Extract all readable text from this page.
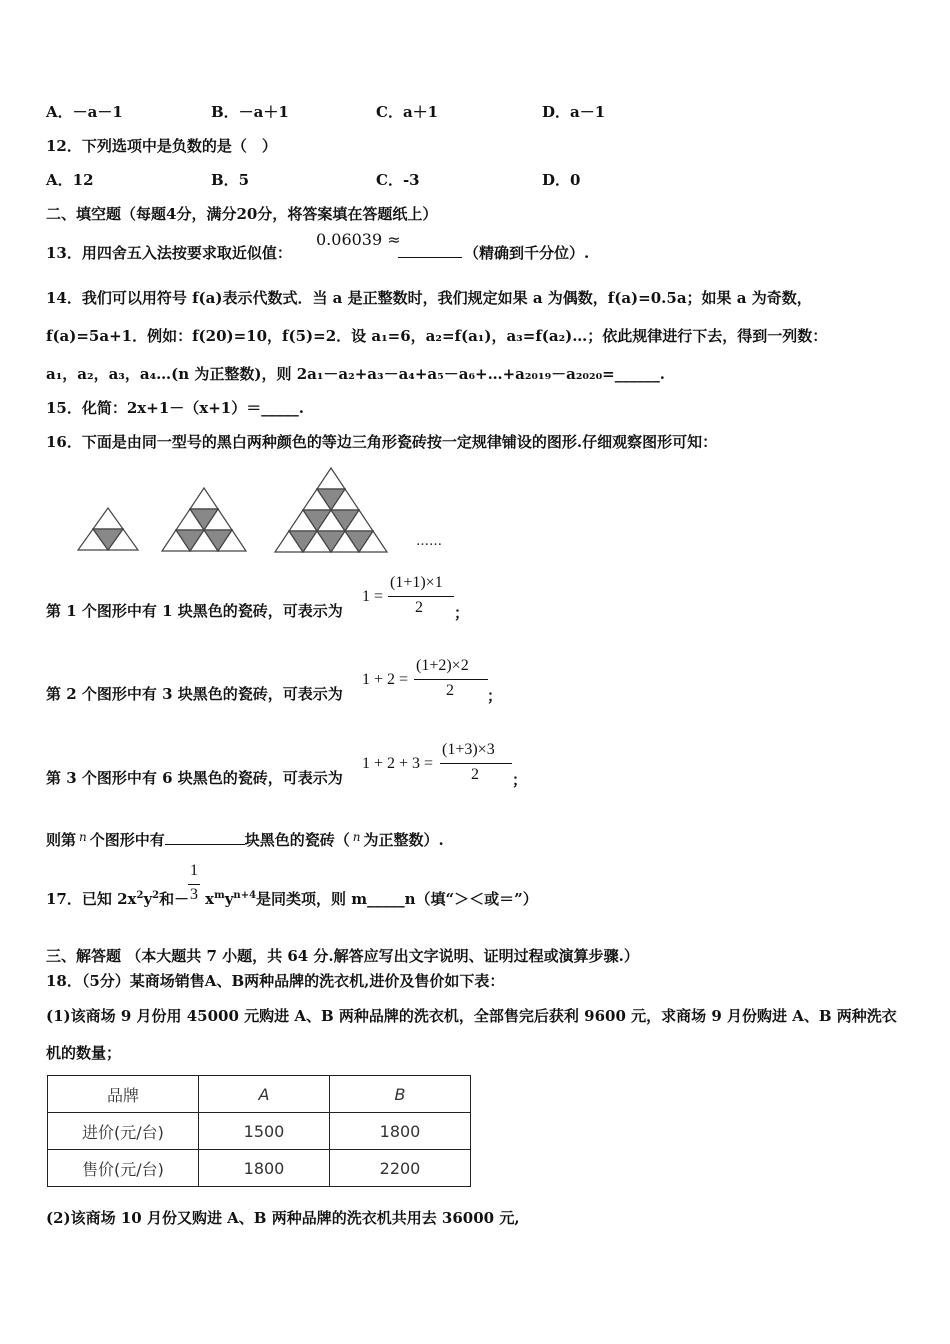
A．－a－1	B．－a＋1	C．a＋1	D．a－1
12．下列选项中是负数的是（　）
A．12	B．5	C．-3	D．0
二、填空题（每题4分，满分20分，将答案填在答题纸上）
13．用四舍五入法按要求取近似值：
0.06039 ≈
（精确到千分位）.
14．我们可以用符号 f(a)表示代数式．当 a 是正整数时，我们规定如果 a 为偶数，f(a)=0.5a；如果 a 为奇数，
f(a)=5a+1．例如：f(20)=10，f(5)=2．设 a₁=6，a₂=f(a₁)，a₃=f(a₂)…；依此规律进行下去，得到一列数：
a₁，a₂，a₃，a₄…(n 为正整数)，则 2a₁－a₂+a₃－a₄+a₅－a₆+…+a₂₀₁₉－a₂₀₂₀=______.
15．化简：2x+1－（x+1）＝_____.
16．下面是由同一型号的黑白两种颜色的等边三角形瓷砖按一定规律铺设的图形.仔细观察图形可知：
……
第 1 个图形中有 1 块黑色的瓷砖，可表示为
1 =
(1+1)×1
2 ；
第 2 个图形中有 3 块黑色的瓷砖，可表示为
1 + 2 =
(1+2)×2
2 ；
第 3 个图形中有 6 块黑色的瓷砖，可表示为
1 + 2 + 3 =
(1+3)×3
2 ；
则第 $^n$ 个图形中有	块黑色的瓷砖（ $^n$ 为正整数）.
17．已知 $2x^2y^2$和－ $x^my^{n+4}$是同类项，则 m_____n（填“＞＜或＝”）
1
3
三、解答题 （本大题共 7 小题，共 64 分.解答应写出文字说明、证明过程或演算步骤.）
18．（5分）某商场销售A、B两种品牌的洗衣机,进价及售价如下表：
(1)该商场 9 月份用 45000 元购进 A、B 两种品牌的洗衣机，全部售完后获利 9600 元，求商场 9 月份购进 A、B 两种洗衣
机的数量；
品牌	A	B
进价(元/台)	1500	1800
售价(元/台)	1800	2200
(2)该商场 10 月份又购进 A、B 两种品牌的洗衣机共用去 36000 元,
